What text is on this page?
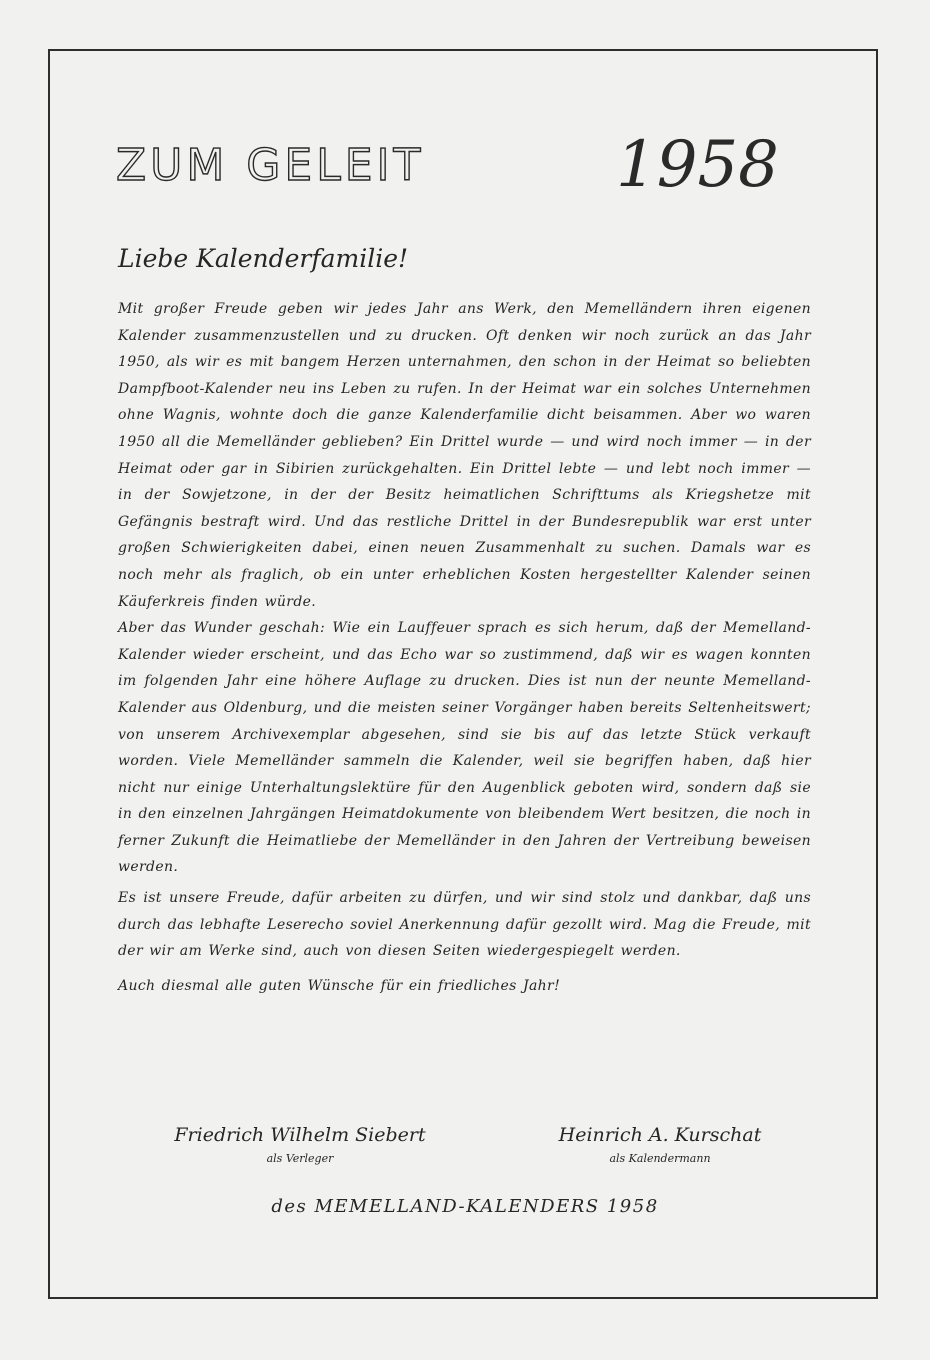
ZUM GELEIT	1958
Liebe Kalenderfamilie!

Mit großer Freude geben wir jedes Jahr ans Werk, den Memelländern ihren eigenen Kalender zusammenzustellen und zu drucken. Oft denken wir noch zurück an das Jahr 1950, als wir es mit bangem Herzen unternahmen, den schon in der Heimat so beliebten Dampfboot-Kalender neu ins Leben zu rufen. In der Heimat war ein solches Unternehmen ohne Wagnis, wohnte doch die ganze Kalenderfamilie dicht beisammen. Aber wo waren 1950 all die Memelländer geblieben? Ein Drittel wurde — und wird noch immer — in der Heimat oder gar in Sibirien zurückgehalten. Ein Drittel lebte — und lebt noch immer — in der Sowjetzone, in der der Besitz heimatlichen Schrifttums als Kriegshetze mit Gefängnis bestraft wird. Und das restliche Drittel in der Bundesrepublik war erst unter großen Schwierigkeiten dabei, einen neuen Zusammenhalt zu suchen. Damals war es noch mehr als fraglich, ob ein unter erheblichen Kosten hergestellter Kalender seinen Käuferkreis finden würde.

Aber das Wunder geschah: Wie ein Lauffeuer sprach es sich herum, daß der Memelland-Kalender wieder erscheint, und das Echo war so zustimmend, daß wir es wagen konnten im folgenden Jahr eine höhere Auflage zu drucken. Dies ist nun der neunte Memelland-Kalender aus Oldenburg, und die meisten seiner Vorgänger haben bereits Seltenheitswert; von unserem Archivexemplar abgesehen, sind sie bis auf das letzte Stück verkauft worden. Viele Memelländer sammeln die Kalender, weil sie begriffen haben, daß hier nicht nur einige Unterhaltungslektüre für den Augenblick geboten wird, sondern daß sie in den einzelnen Jahrgängen Heimatdokumente von bleibendem Wert besitzen, die noch in ferner Zukunft die Heimatliebe der Memelländer in den Jahren der Vertreibung beweisen werden.

Es ist unsere Freude, dafür arbeiten zu dürfen, und wir sind stolz und dankbar, daß uns durch das lebhafte Leserecho soviel Anerkennung dafür gezollt wird. Mag die Freude, mit der wir am Werke sind, auch von diesen Seiten wiedergespiegelt werden.

Auch diesmal alle guten Wünsche für ein friedliches Jahr!

Friedrich Wilhelm Siebert
als Verleger
Heinrich A. Kurschat
als Kalendermann
des MEMELLAND-KALENDERS 1958
